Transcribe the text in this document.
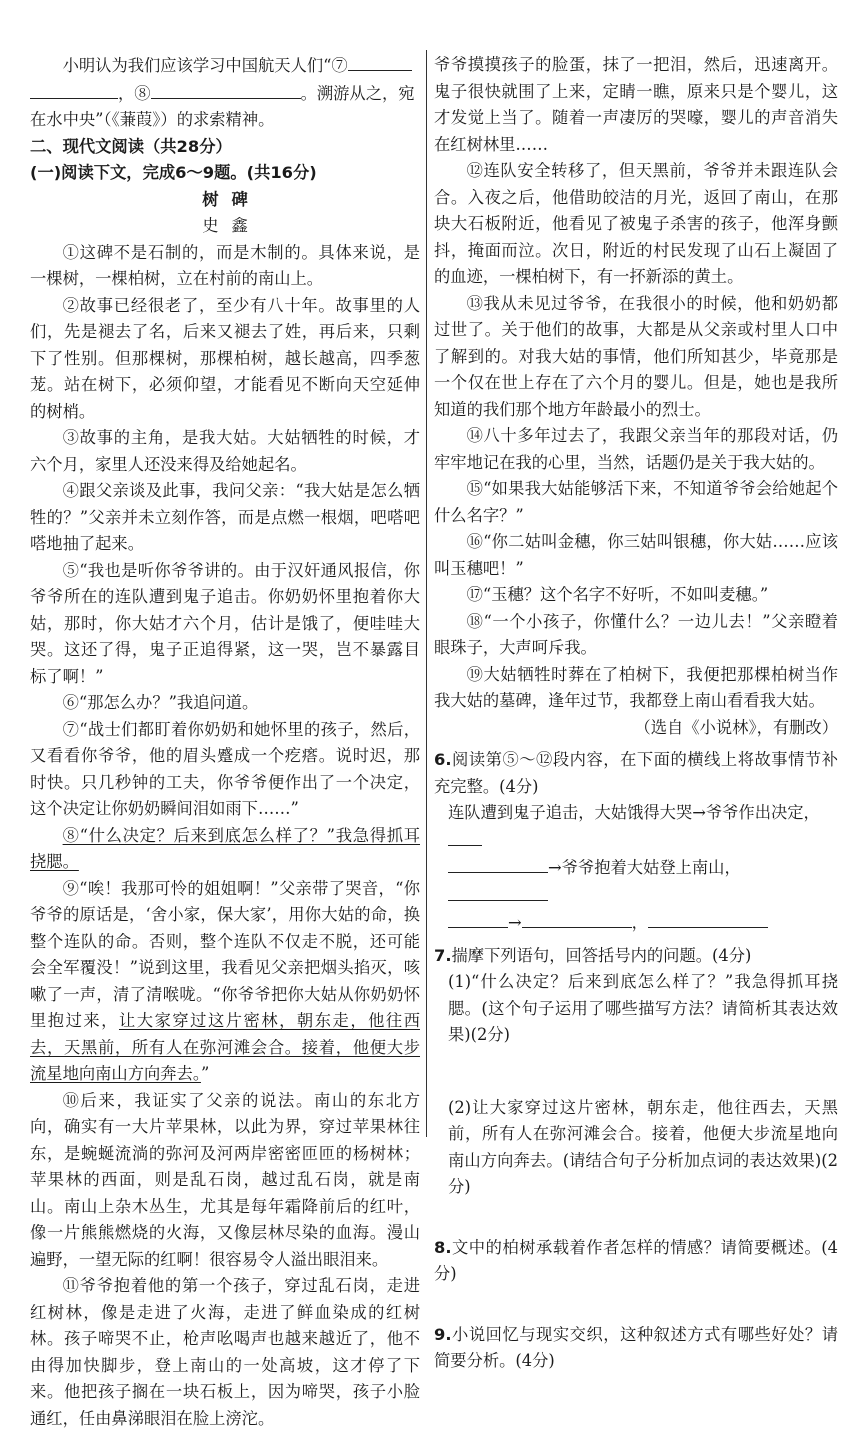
小明认为我们应该学习中国航天人们“⑦

，⑧	。溯游从之，宛在水中央”（《蒹葭》）的求索精神。

二、现代文阅读（共28分）

(一)阅读下文，完成6～9题。(共16分)

树碑

史鑫

①这碑不是石制的，而是木制的。具体来说，是一棵树，一棵柏树，立在村前的南山上。

②故事已经很老了，至少有八十年。故事里的人们，先是褪去了名，后来又褪去了姓，再后来，只剩下了性别。但那棵树，那棵柏树，越长越高，四季葱茏。站在树下，必须仰望，才能看见不断向天空延伸的树梢。

③故事的主角，是我大姑。大姑牺牲的时候，才六个月，家里人还没来得及给她起名。

④跟父亲谈及此事，我问父亲：“我大姑是怎么牺牲的？”父亲并未立刻作答，而是点燃一根烟，吧嗒吧嗒地抽了起来。

⑤“我也是听你爷爷讲的。由于汉奸通风报信，你爷爷所在的连队遭到鬼子追击。你奶奶怀里抱着你大姑，那时，你大姑才六个月，估计是饿了，便哇哇大哭。这还了得，鬼子正追得紧，这一哭，岂不暴露目标了啊！”

⑥“那怎么办？”我追问道。

⑦“战士们都盯着你奶奶和她怀里的孩子，然后，又看看你爷爷，他的眉头蹙成一个疙瘩。说时迟，那时快。只几秒钟的工夫，你爷爷便作出了一个决定，这个决定让你奶奶瞬间泪如雨下……”

⑧“什么决定？后来到底怎么样了？”我急得抓耳挠腮。

⑨“唉！我那可怜的姐姐啊！”父亲带了哭音，“你爷爷的原话是，‘舍小家，保大家’，用你大姑的命，换整个连队的命。否则，整个连队不仅走不脱，还可能会全军覆没！”说到这里，我看见父亲把烟头掐灭，咳嗽了一声，清了清喉咙。“你爷爷把你大姑从你奶奶怀里抱过来，让大家穿过这片密林，朝东走，他往西去，天黑前，所有人在弥河滩会合。接着，他便大步流星地向南山方向奔去。”

⑩后来，我证实了父亲的说法。南山的东北方向，确实有一大片苹果林，以此为界，穿过苹果林往东，是蜿蜒流淌的弥河及河两岸密密匝匝的杨树林；苹果林的西面，则是乱石岗，越过乱石岗，就是南山。南山上杂木丛生，尤其是每年霜降前后的红叶，像一片熊熊燃烧的火海，又像层林尽染的血海。漫山遍野，一望无际的红啊！很容易令人溢出眼泪来。

⑪爷爷抱着他的第一个孩子，穿过乱石岗，走进红树林，像是走进了火海，走进了鲜血染成的红树林。孩子啼哭不止，枪声吆喝声也越来越近了，他不由得加快脚步，登上南山的一处高坡，这才停了下来。他把孩子搁在一块石板上，因为啼哭，孩子小脸通红，任由鼻涕眼泪在脸上滂沱。

爷爷摸摸孩子的脸蛋，抹了一把泪，然后，迅速离开。鬼子很快就围了上来，定睛一瞧，原来只是个婴儿，这才发觉上当了。随着一声凄厉的哭嚎，婴儿的声音消失在红树林里……

⑫连队安全转移了，但天黑前，爷爷并未跟连队会合。入夜之后，他借助皎洁的月光，返回了南山，在那块大石板附近，他看见了被鬼子杀害的孩子，他浑身颤抖，掩面而泣。次日，附近的村民发现了山石上凝固了的血迹，一棵柏树下，有一抔新添的黄土。

⑬我从未见过爷爷，在我很小的时候，他和奶奶都过世了。关于他们的故事，大都是从父亲或村里人口中了解到的。对我大姑的事情，他们所知甚少，毕竟那是一个仅在世上存在了六个月的婴儿。但是，她也是我所知道的我们那个地方年龄最小的烈士。

⑭八十多年过去了，我跟父亲当年的那段对话，仍牢牢地记在我的心里，当然，话题仍是关于我大姑的。

⑮“如果我大姑能够活下来，不知道爷爷会给她起个什么名字？”

⑯“你二姑叫金穗，你三姑叫银穗，你大姑……应该叫玉穗吧！”

⑰“玉穗？这个名字不好听，不如叫麦穗。”

⑱“一个小孩子，你懂什么？一边儿去！”父亲瞪着眼珠子，大声呵斥我。

⑲大姑牺牲时葬在了柏树下，我便把那棵柏树当作我大姑的墓碑，逢年过节，我都登上南山看看我大姑。

（选自《小说林》，有删改）

6.阅读第⑤～⑫段内容，在下面的横线上将故事情节补充完整。(4分)

连队遭到鬼子追击，大姑饿得大哭→爷爷作出决定，

→爷爷抱着大姑登上南山，

→	，

7.揣摩下列语句，回答括号内的问题。(4分)

(1)“什么决定？后来到底怎么样了？”我急得抓耳挠腮。(这个句子运用了哪些描写方法？请简析其表达效果)(2分)

(2)让大家穿过这片密林，朝东走，他往西去，天黑前，所有人在弥河滩会合。接着，他便大步流星地向南山方向奔去。(请结合句子分析加点词的表达效果)(2分)

8.文中的柏树承载着作者怎样的情感？请简要概述。(4分)

9.小说回忆与现实交织，这种叙述方式有哪些好处？请简要分析。(4分)
